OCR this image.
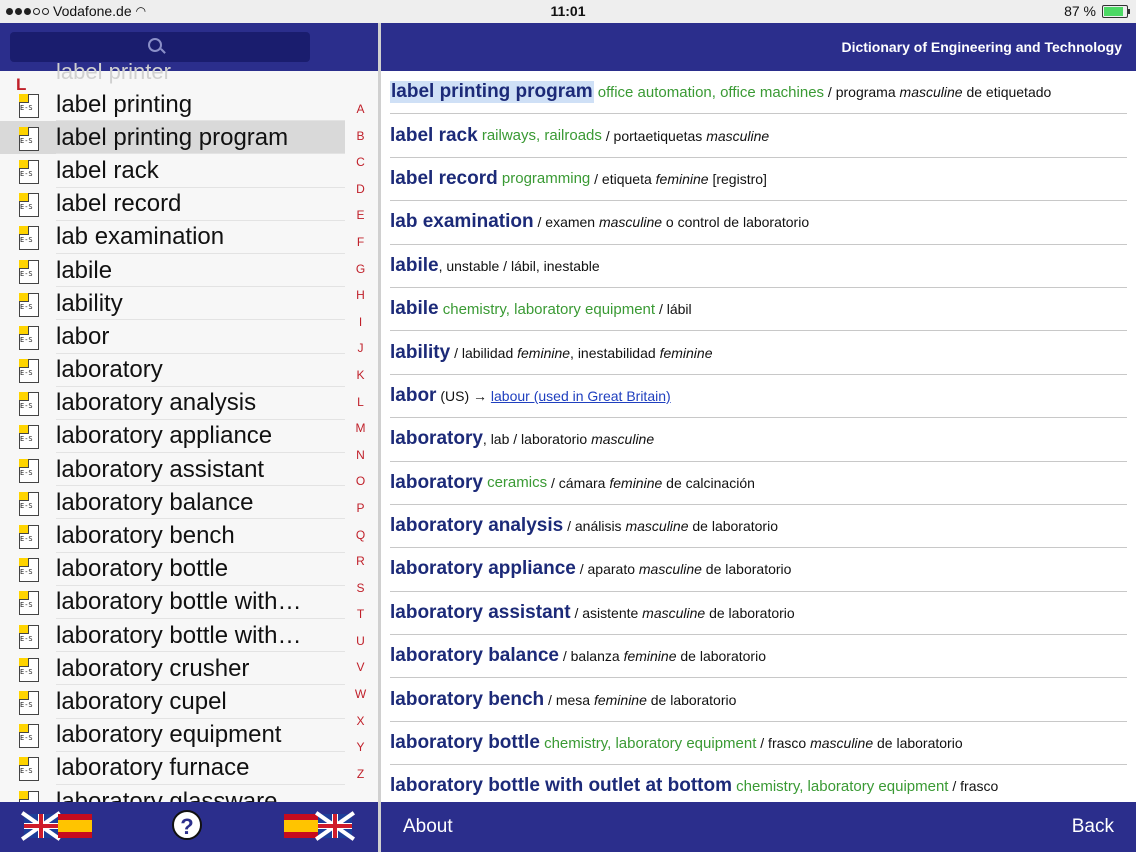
Vodafone.de ◠	11:01	87 %
label printer
L
E-S label printing
E-S label printing program
E-S label rack
E-S label record
E-S lab examination
E-S labile
E-S lability
E-S labor
E-S laboratory
E-S laboratory analysis
E-S laboratory appliance
E-S laboratory assistant
E-S laboratory balance
E-S laboratory bench
E-S laboratory bottle
E-S laboratory bottle with…
E-S laboratory bottle with…
E-S laboratory crusher
E-S laboratory cupel
E-S laboratory equipment
E-S laboratory furnace
A
B
C
D
E
F
G
H
I
J
K
L
M
N
O
P
Q
R
S
T
U
V
W
X
Y
Z
?
Dictionary of Engineering and Technology
label printing program office automation, office machines / programa masculine de etiquetado
label rack railways, railroads / portaetiquetas masculine
label record programming / etiqueta feminine [registro]
lab examination / examen masculine o control de laboratorio
labile , unstable / lábil, inestable
labile chemistry, laboratory equipment / lábil
lability / labilidad feminine , inestabilidad feminine
labor (US) → labour (used in Great Britain)
laboratory , lab / laboratorio masculine
laboratory ceramics / cámara feminine de calcinación
laboratory analysis / análisis masculine de laboratorio
laboratory appliance / aparato masculine de laboratorio
laboratory assistant / asistente masculine de laboratorio
laboratory balance / balanza feminine de laboratorio
laboratory bench / mesa feminine de laboratorio
laboratory bottle chemistry, laboratory equipment / frasco masculine de laboratorio
laboratory bottle with outlet at bottom chemistry, laboratory equipment / frasco
About	Back
